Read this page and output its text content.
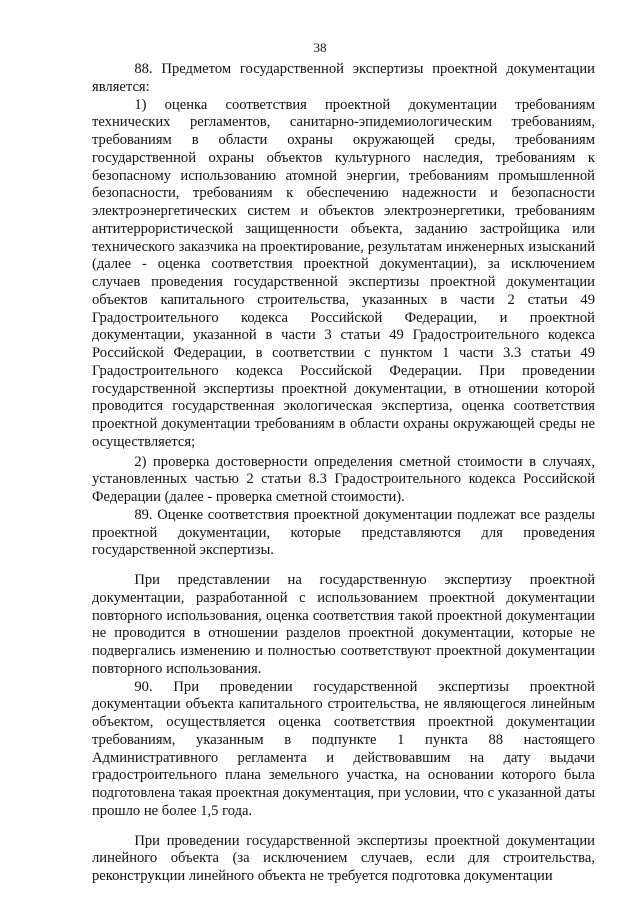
38

88. Предметом государственной экспертизы проектной документации является:

1) оценка соответствия проектной документации требованиям технических регламентов, санитарно-эпидемиологическим требованиям, требованиям в области охраны окружающей среды, требованиям государственной охраны объектов культурного наследия, требованиям к безопасному использованию атомной энергии, требованиям промышленной безопасности, требованиям к обеспечению надежности и безопасности электроэнергетических систем и объектов электроэнергетики, требованиям антитеррористической защищенности объекта, заданию застройщика или технического заказчика на проектирование, результатам инженерных изысканий (далее - оценка соответствия проектной документации), за исключением случаев проведения государственной экспертизы проектной документации объектов капитального строительства, указанных в части 2 статьи 49 Градостроительного кодекса Российской Федерации, и проектной документации, указанной в части 3 статьи 49 Градостроительного кодекса Российской Федерации, в соответствии с пунктом 1 части 3.3 статьи 49 Градостроительного кодекса Российской Федерации. При проведении государственной экспертизы проектной документации, в отношении которой проводится государственная экологическая экспертиза, оценка соответствия проектной документации требованиям в области охраны окружающей среды не осуществляется;

2) проверка достоверности определения сметной стоимости в случаях, установленных частью 2 статьи 8.3 Градостроительного кодекса Российской Федерации (далее - проверка сметной стоимости).

89. Оценке соответствия проектной документации подлежат все разделы проектной документации, которые представляются для проведения государственной экспертизы.

При представлении на государственную экспертизу проектной документации, разработанной с использованием проектной документации повторного использования, оценка соответствия такой проектной документации не проводится в отношении разделов проектной документации, которые не подвергались изменению и полностью соответствуют проектной документации повторного использования.

90. При проведении государственной экспертизы проектной документации объекта капитального строительства, не являющегося линейным объектом, осуществляется оценка соответствия проектной документации требованиям, указанным в подпункте 1 пункта 88 настоящего Административного регламента и действовавшим на дату выдачи градостроительного плана земельного участка, на основании которого была подготовлена такая проектная документация, при условии, что с указанной даты прошло не более 1,5 года.

При проведении государственной экспертизы проектной документации линейного объекта (за исключением случаев, если для строительства, реконструкции линейного объекта не требуется подготовка документации
